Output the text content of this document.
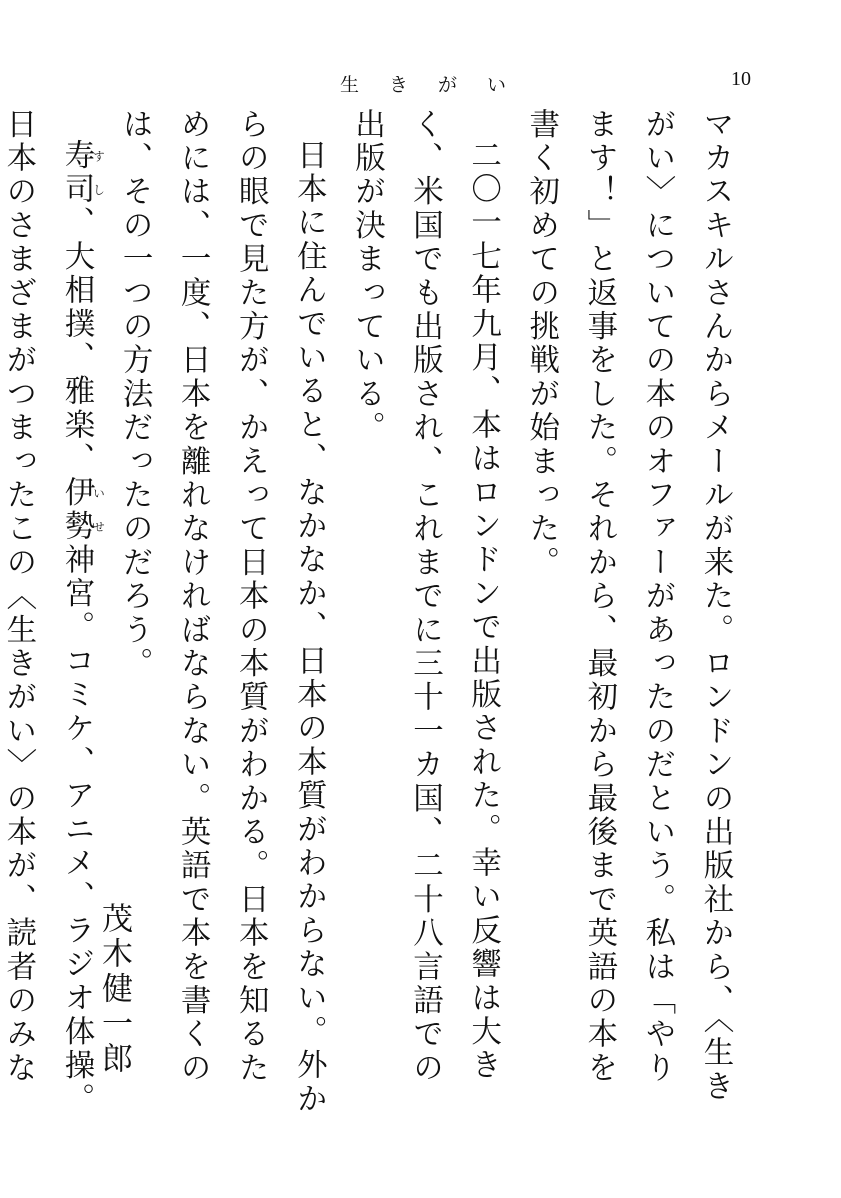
生きがい	10

マカスキルさんからメールが来た。ロンドンの出版社から、〈生きがい〉についての本のオファーがあったのだという。私は「やります！」と返事をした。それから、最初から最後まで英語の本を書く初めての挑戦が始まった。

二〇一七年九月、本はロンドンで出版された。幸い反響は大きく、米国でも出版され、これまでに三十一カ国、二十八言語での出版が決まっている。

日本に住んでいると、なかなか、日本の本質がわからない。外からの眼で見た方が、かえって日本の本質がわかる。日本を知るためには、一度、日本を離れなければならない。英語で本を書くのは、その一つの方法だったのだろう。

寿司すし、大相撲、雅楽、伊勢いせ神宮。コミケ、アニメ、ラジオ体操。日本のさまざまがつまったこの〈生きがい〉の本が、読者のみな	茂木健一郎
